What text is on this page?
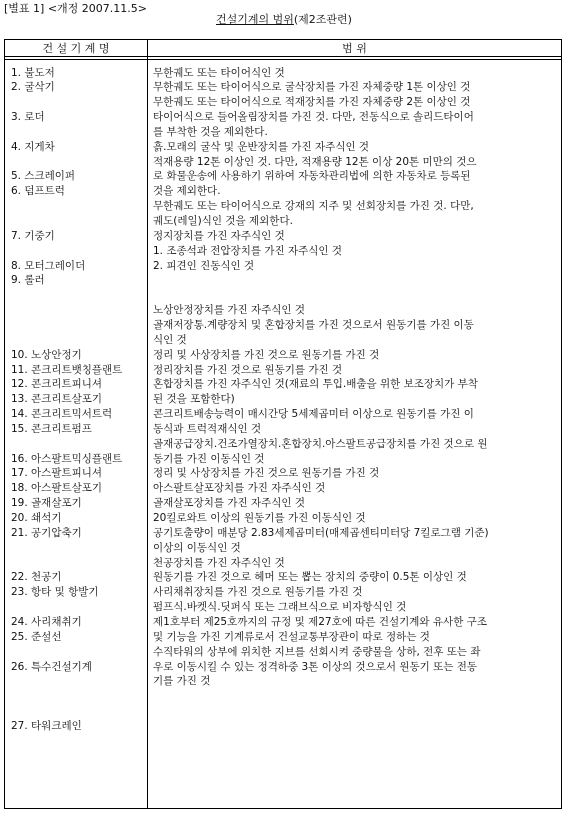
[별표 1] <개정 2007.11.5>
건설기계의 범위(제2조관련)
건 설 기 계 명	범 위
1. 불도저
2. 굴삭기
3. 로더
4. 지게차
5. 스크레이퍼
6. 덤프트럭
7. 기중기
8. 모터그레이더
9. 롤러
10. 노상안정기
11. 콘크리트뱃칭플랜트
12. 콘크리트피니셔
13. 콘크리트살포기
14. 콘크리트믹서트럭
15. 콘크리트펌프
16. 아스팔트믹싱플랜트
17. 아스팔트피니셔
18. 아스팔트살포기
19. 골재살포기
20. 쇄석기
21. 공기압축기
22. 천공기
23. 항타 및 항발기
24. 사리채취기
25. 준설선
26. 특수건설기계
27. 타워크레인
무한궤도 또는 타이어식인 것
무한궤도 또는 타이어식으로 굴삭장치를 가진 자체중량 1톤 이상인 것
무한궤도 또는 타이어식으로 적재장치를 가진 자체중량 2톤 이상인 것
타이어식으로 들어올림장치를 가진 것. 다만, 전동식으로 솔리드타이어
를 부착한 것을 제외한다.
흙.모래의 굴삭 및 운반장치를 가진 자주식인 것
적재용량 12톤 이상인 것. 다만, 적재용량 12톤 이상 20톤 미만의 것으
로 화물운송에 사용하기 위하여 자동차관리법에 의한 자동차로 등록된
것을 제외한다.
무한궤도 또는 타이어식으로 강재의 지주 및 선회장치를 가진 것. 다만,
궤도(레일)식인 것을 제외한다.
정지장치를 가진 자주식인 것
1. 조종석과 전압장치를 가진 자주식인 것
2. 피견인 진동식인 것
노상안정장치를 가진 자주식인 것
골재저장통.계량장치 및 혼합장치를 가진 것으로서 원동기를 가진 이동
식인 것
정리 및 사상장치를 가진 것으로 원동기를 가진 것
정리장치를 가진 것으로 원동기를 가진 것
혼합장치를 가진 자주식인 것(재료의 투입.배출을 위한 보조장치가 부착
된 것을 포함한다)
콘크리트배송능력이 매시간당 5세제곱미터 이상으로 원동기를 가진 이
동식과 트럭적재식인 것
골재공급장치.건조가열장치.혼합장치.아스팔트공급장치를 가진 것으로 원
동기를 가진 이동식인 것
정리 및 사상장치를 가진 것으로 원동기를 가진 것
아스팔트살포장치를 가진 자주식인 것
골재살포장치를 가진 자주식인 것
20킬로와트 이상의 원동기를 가진 이동식인 것
공기토출량이 매분당 2.83세제곱미터(매제곱센티미터당 7킬로그램 기준)
이상의 이동식인 것
천공장치를 가진 자주식인 것
원동기를 가진 것으로 헤머 또는 뽑는 장치의 중량이 0.5톤 이상인 것
사리채취장치를 가진 것으로 원동기를 가진 것
펌프식.바켓식.딧퍼식 또는 그래브식으로 비자항식인 것
제1호부터 제25호까지의 규정 및 제27호에 따른 건설기계와 유사한 구조
및 기능을 가진 기계류로서 건설교통부장관이 따로 정하는 것
수직타워의 상부에 위치한 지브를 선회시켜 중량물을 상하, 전후 또는 좌
우로 이동시킬 수 있는 정격하중 3톤 이상의 것으로서 원동기 또는 전동
기를 가진 것
